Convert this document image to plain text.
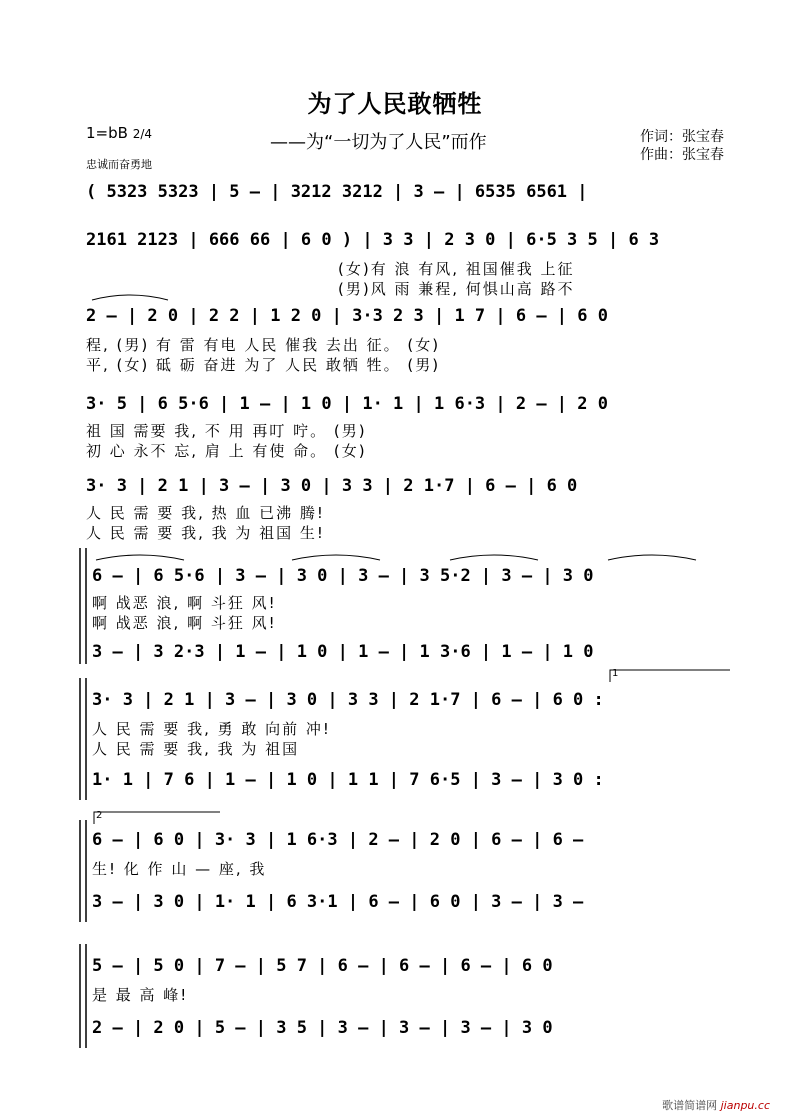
为了人民敢牺牲
1=bB 2/4
忠诚而奋勇地
——为“一切为了人民”而作	作词：张宝春
作曲：张宝春
( 5323 5323 | 5 – | 3212 3212 | 3 – | 6535 6561 |
2161 2123 | 666 66 | 6 0 ) | 3 3 | 2 3 0 | 6·5 3 5 | 6 3
(女)有 浪 有风, 祖国催我 上征
(男)风 雨 兼程, 何惧山高 路不
2 – | 2 0 | 2 2 | 1 2 0 | 3·3 2 3 | 1 7 | 6 – | 6 0
程, (男) 有 雷 有电 人民 催我 去出 征。 (女)
平, (女) 砥 砺 奋进 为了 人民 敢牺 牲。 (男)
3· 5 | 6 5·6 | 1 – | 1 0 | 1· 1 | 1 6·3 | 2 – | 2 0
祖 国 需要 我, 不 用 再叮 咛。 (男)
初 心 永不 忘, 肩 上 有使 命。 (女)
3· 3 | 2 1 | 3 – | 3 0 | 3 3 | 2 1·7 | 6 – | 6 0
人 民 需 要 我, 热 血 已沸 腾!
人 民 需 要 我, 我 为 祖国 生!
6 – | 6 5·6 | 3 – | 3 0 | 3 – | 3 5·2 | 3 – | 3 0
啊 战恶 浪, 啊 斗狂 风!
啊 战恶 浪, 啊 斗狂 风!
3 – | 3 2·3 | 1 – | 1 0 | 1 – | 1 3·6 | 1 – | 1 0
1
3· 3 | 2 1 | 3 – | 3 0 | 3 3 | 2 1·7 | 6 – | 6 0 :
人 民 需 要 我, 勇 敢 向前 冲!
人 民 需 要 我, 我 为 祖国
1· 1 | 7 6 | 1 – | 1 0 | 1 1 | 7 6·5 | 3 – | 3 0 :
2
6 – | 6 0 | 3· 3 | 1 6·3 | 2 – | 2 0 | 6 – | 6 –
生! 化 作 山 — 座, 我
3 – | 3 0 | 1· 1 | 6 3·1 | 6 – | 6 0 | 3 – | 3 –
5 – | 5 0 | 7 – | 5 7 | 6 – | 6 – | 6 – | 6 0
是 最 高 峰!
2 – | 2 0 | 5 – | 3 5 | 3 – | 3 – | 3 – | 3 0
歌谱简谱网 jianpu.cc
